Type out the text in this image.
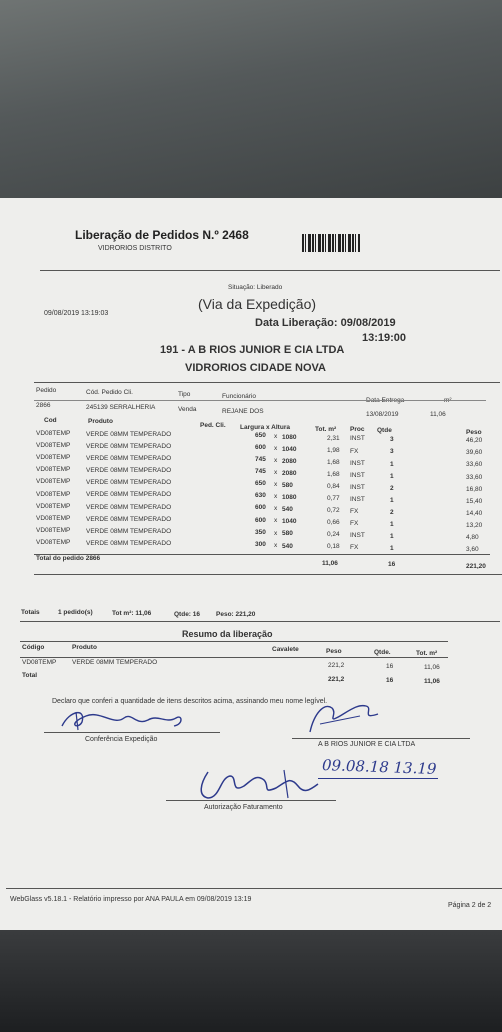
Liberação de Pedidos N.º 2468
VIDRORIOS DISTRITO
Situação: Liberado
(Via da Expedição)
09/08/2019 13:19:03
Data Liberação: 09/08/2019
13:19:00
191 - A B RIOS JUNIOR E CIA LTDA
VIDRORIOS CIDADE NOVA
Pedido	Cód. Pedido Cli.	Tipo	Funcionário
2866	245139 SERRALHERIA	Venda	REJANE DOS	13/08/2019	11,06
Cod	Produto
Ped. Cli. Largura x Altura	Tot. m² Proc Qtde	Peso
VD08TEMP VERDE 08MM TEMPERADO	650 x 1080	2,31 INST	3	46,20
VD08TEMP VERDE 08MM TEMPERADO	600 x 1040	1,98 FX	3	39,60
VD08TEMP VERDE 08MM TEMPERADO	745 x 2080	1,68 INST	1	33,60
VD08TEMP VERDE 08MM TEMPERADO	745 x 2080	1,68 INST	1	33,60
VD08TEMP VERDE 08MM TEMPERADO	650 x 580	0,84 INST	2	16,80
VD08TEMP VERDE 08MM TEMPERADO	630 x 1080	0,77 INST	1	15,40
VD08TEMP VERDE 08MM TEMPERADO	600 x 540	0,72 FX	2	14,40
VD08TEMP VERDE 08MM TEMPERADO	600 x 1040	0,66 FX	1	13,20
VD08TEMP VERDE 08MM TEMPERADO	350 x 580	0,24 INST	1	4,80
VD08TEMP VERDE 08MM TEMPERADO	300 x 540	0,18 FX	1	3,60
Total do pedido 2866
11,06	16	221,20
Totais	1 pedido(s)	Tot m²: 11,06	Qtde: 16 Peso: 221,20
Resumo da liberação
Código	Produto	Cavalete	Peso	Qtde.	Tot. m²
VD08TEMP VERDE 08MM TEMPERADO	221,2	16	11,06
Total
221,2	16	11,06
Declaro que conferi a quantidade de itens descritos acima, assinando meu nome legível.
Conferência Expedição
A B RIOS JUNIOR E CIA LTDA
09.08.18 13.19
Autorização Faturamento
WebGlass v5.18.1 - Relatório impresso por ANA PAULA em 09/08/2019 13:19
Página 2 de 2
